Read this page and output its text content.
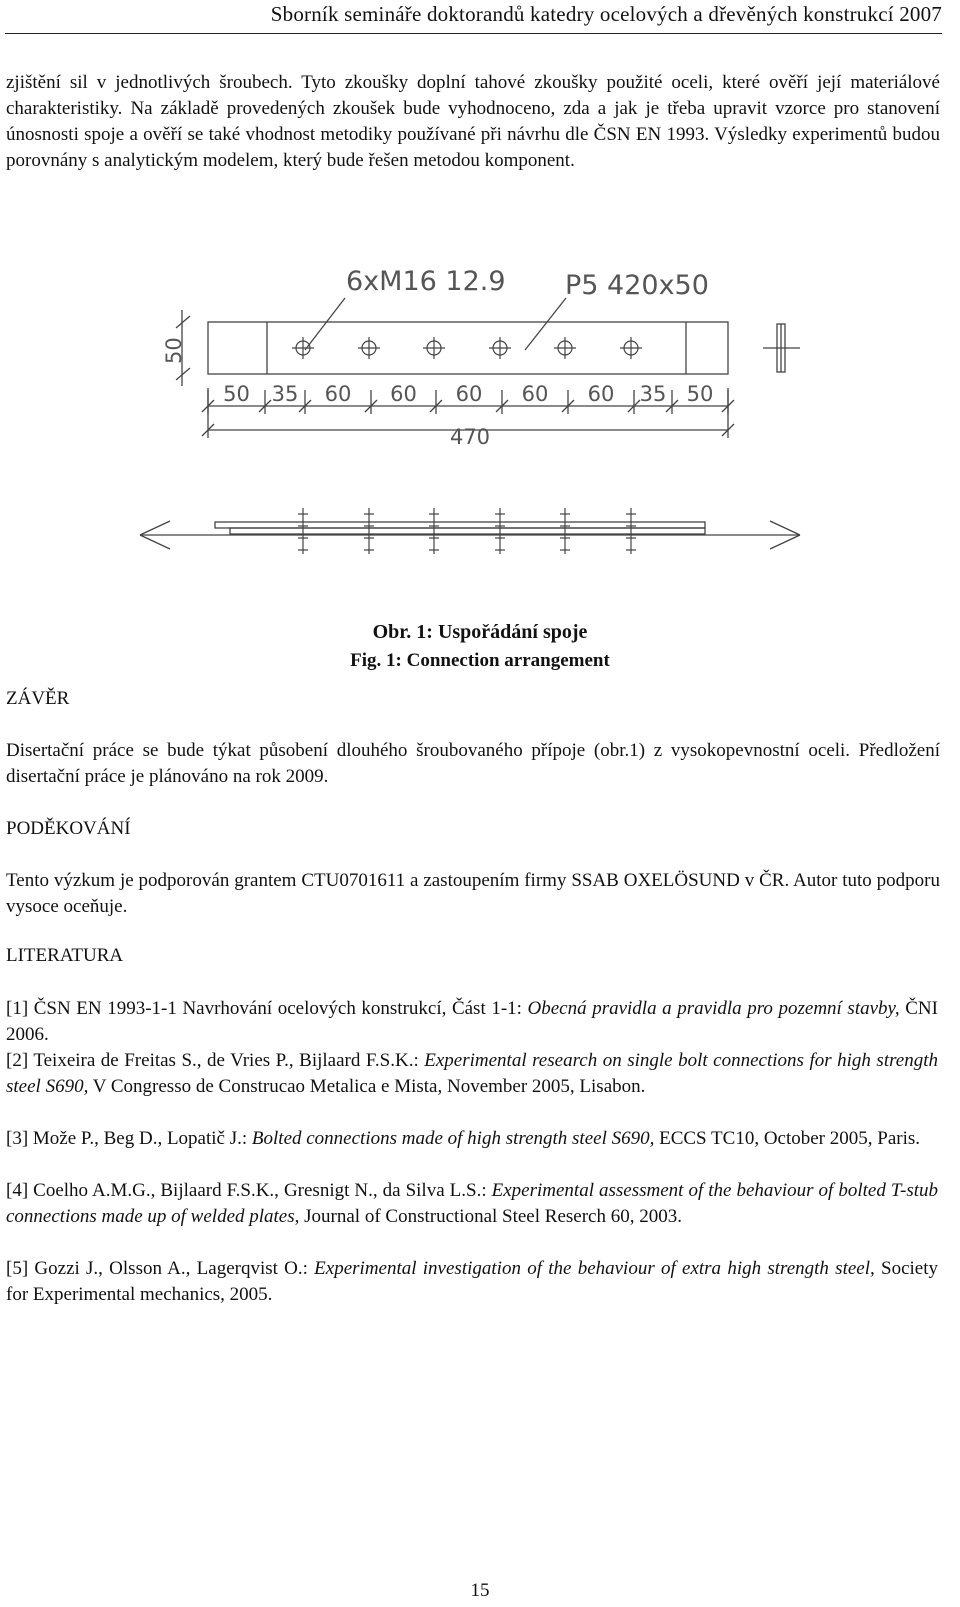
Sborník semináře doktorandů katedry ocelových a dřevěných konstrukcí 2007

zjištění sil v jednotlivých šroubech. Tyto zkoušky doplní tahové zkoušky použité oceli, které ověří její materiálové charakteristiky. Na základě provedených zkoušek bude vyhodnoceno, zda a jak je třeba upravit vzorce pro stanovení únosnosti spoje a ověří se také vhodnost metodiky používané při návrhu dle ČSN EN 1993. Výsledky experimentů budou porovnány s analytickým modelem, který bude řešen metodou komponent.

6xM16 12.9 P5 420x50
50
50 35 60 60 60 60 60 35 50
470
Obr. 1: Uspořádání spoje
Fig. 1: Connection arrangement
ZÁVĚR

Disertační práce se bude týkat působení dlouhého šroubovaného přípoje (obr.1) z vysokopevnostní oceli. Předložení disertační práce je plánováno na rok 2009.

PODĚKOVÁNÍ

Tento výzkum je podporován grantem CTU0701611 a zastoupením firmy SSAB OXELÖSUND v ČR. Autor tuto podporu vysoce oceňuje.

LITERATURA

[1] ČSN EN 1993-1-1 Navrhování ocelových konstrukcí, Část 1-1: Obecná pravidla a pravidla pro pozemní stavby, ČNI 2006.

[2] Teixeira de Freitas S., de Vries P., Bijlaard F.S.K.: Experimental research on single bolt connections for high strength steel S690, V Congresso de Construcao Metalica e Mista, November 2005, Lisabon.

[3] Može P., Beg D., Lopatič J.: Bolted connections made of high strength steel S690, ECCS TC10, October 2005, Paris.

[4] Coelho A.M.G., Bijlaard F.S.K., Gresnigt N., da Silva L.S.: Experimental assessment of the behaviour of bolted T-stub connections made up of welded plates, Journal of Constructional Steel Reserch 60, 2003.

[5] Gozzi J., Olsson A., Lagerqvist O.: Experimental investigation of the behaviour of extra high strength steel, Society for Experimental mechanics, 2005.

15
